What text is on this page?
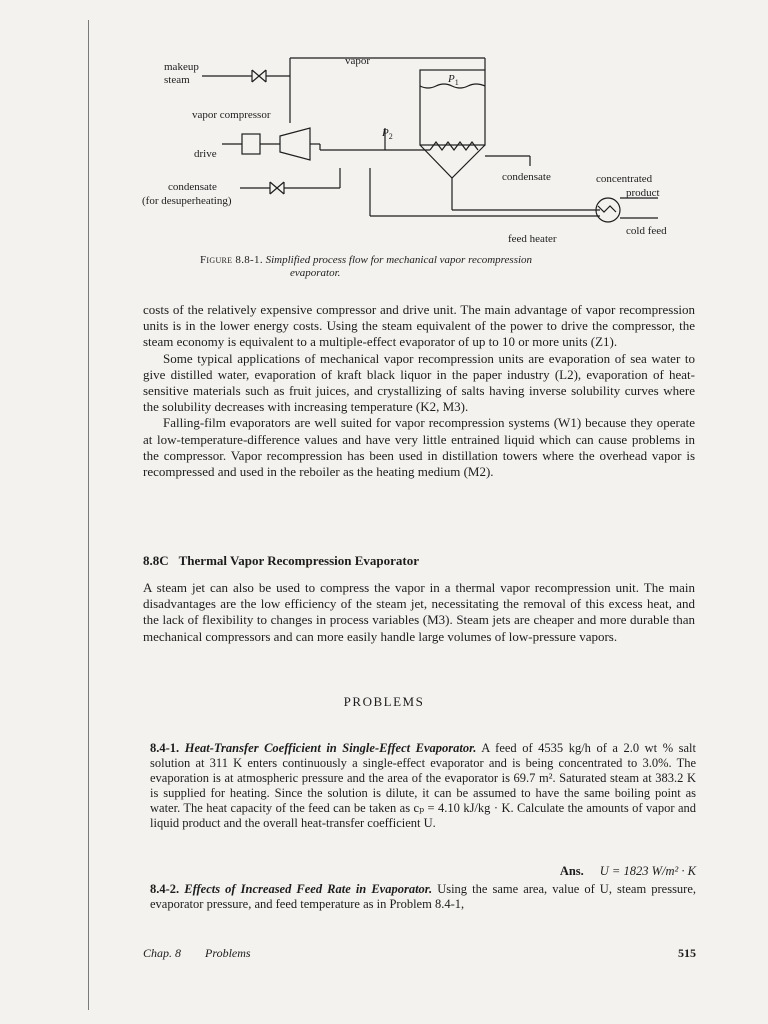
makeup
steam
vapor
$P_1$
$P_2$
vapor compressor
drive
condensate
(for desuperheating)
condensate	concentrated
product
cold feed
feed heater
Figure 8.8-1. Simplified process flow for mechanical vapor recompression
evaporator.

costs of the relatively expensive compressor and drive unit. The main advantage of vapor recompression units is in the lower energy costs. Using the steam equivalent of the power to drive the compressor, the steam economy is equivalent to a multiple-effect evaporator of up to 10 or more units (Z1).

Some typical applications of mechanical vapor recompression units are evaporation of sea water to give distilled water, evaporation of kraft black liquor in the paper industry (L2), evaporation of heat-sensitive materials such as fruit juices, and crystallizing of salts having inverse solubility curves where the solubility decreases with increasing temperature (K2, M3).

Falling-film evaporators are well suited for vapor recompression systems (W1) because they operate at low-temperature-difference values and have very little entrained liquid which can cause problems in the compressor. Vapor recompression has been used in distillation towers where the overhead vapor is recompressed and used in the reboiler as the heating medium (M2).

8.8C Thermal Vapor Recompression Evaporator

A steam jet can also be used to compress the vapor in a thermal vapor recompression unit. The main disadvantages are the low efficiency of the steam jet, necessitating the removal of this excess heat, and the lack of flexibility to changes in process variables (M3). Steam jets are cheaper and more durable than mechanical compressors and can more easily handle large volumes of low-pressure vapors.

PROBLEMS
8.4-1. Heat-Transfer Coefficient in Single-Effect Evaporator. A feed of 4535 kg/h of a 2.0 wt % salt solution at 311 K enters continuously a single-effect evaporator and is being concentrated to 3.0%. The evaporation is at atmospheric pressure and the area of the evaporator is 69.7 m². Saturated steam at 383.2 K is supplied for heating. Since the solution is dilute, it can be assumed to have the same boiling point as water. The heat capacity of the feed can be taken as cₚ = 4.10 kJ/kg · K. Calculate the amounts of vapor and liquid product and the overall heat-transfer coefficient U.
Ans. U = 1823 W/m² · K
8.4-2. Effects of Increased Feed Rate in Evaporator. Using the same area, value of U, steam pressure, evaporator pressure, and feed temperature as in Problem 8.4-1,
Chap. 8 Problems	515
